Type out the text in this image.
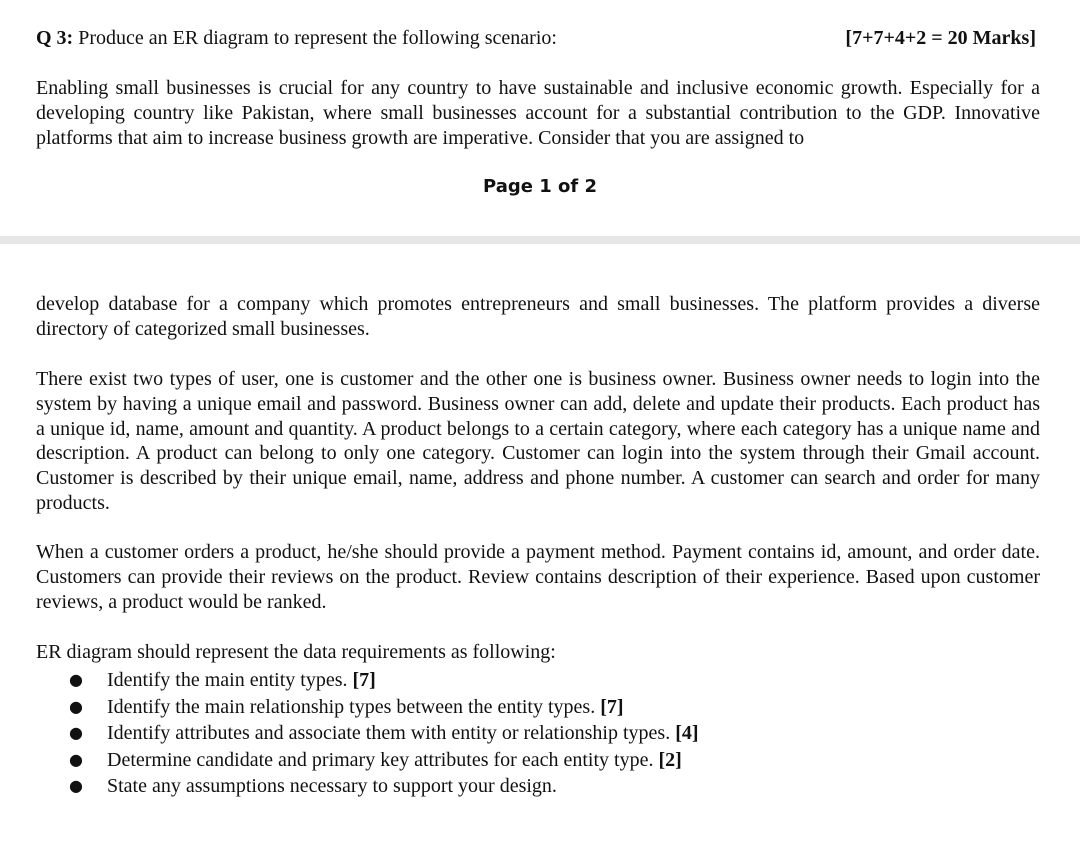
Q 3: Produce an ER diagram to represent the following scenario:	[7+7+4+2 = 20 Marks]

Enabling small businesses is crucial for any country to have sustainable and inclusive economic growth. Especially for a developing country like Pakistan, where small businesses account for a substantial contribution to the GDP. Innovative platforms that aim to increase business growth are imperative. Consider that you are assigned to

Page 1 of 2

develop database for a company which promotes entrepreneurs and small businesses. The platform provides a diverse directory of categorized small businesses.

There exist two types of user, one is customer and the other one is business owner. Business owner needs to login into the system by having a unique email and password. Business owner can add, delete and update their products. Each product has a unique id, name, amount and quantity. A product belongs to a certain category, where each category has a unique name and description. A product can belong to only one category. Customer can login into the system through their Gmail account. Customer is described by their unique email, name, address and phone number. A customer can search and order for many products.

When a customer orders a product, he/she should provide a payment method. Payment contains id, amount, and order date. Customers can provide their reviews on the product. Review contains description of their experience. Based upon customer reviews, a product would be ranked.

ER diagram should represent the data requirements as following:

● Identify the main entity types. [7]
● Identify the main relationship types between the entity types. [7]
● Identify attributes and associate them with entity or relationship types. [4]
● Determine candidate and primary key attributes for each entity type. [2]
● State any assumptions necessary to support your design.
